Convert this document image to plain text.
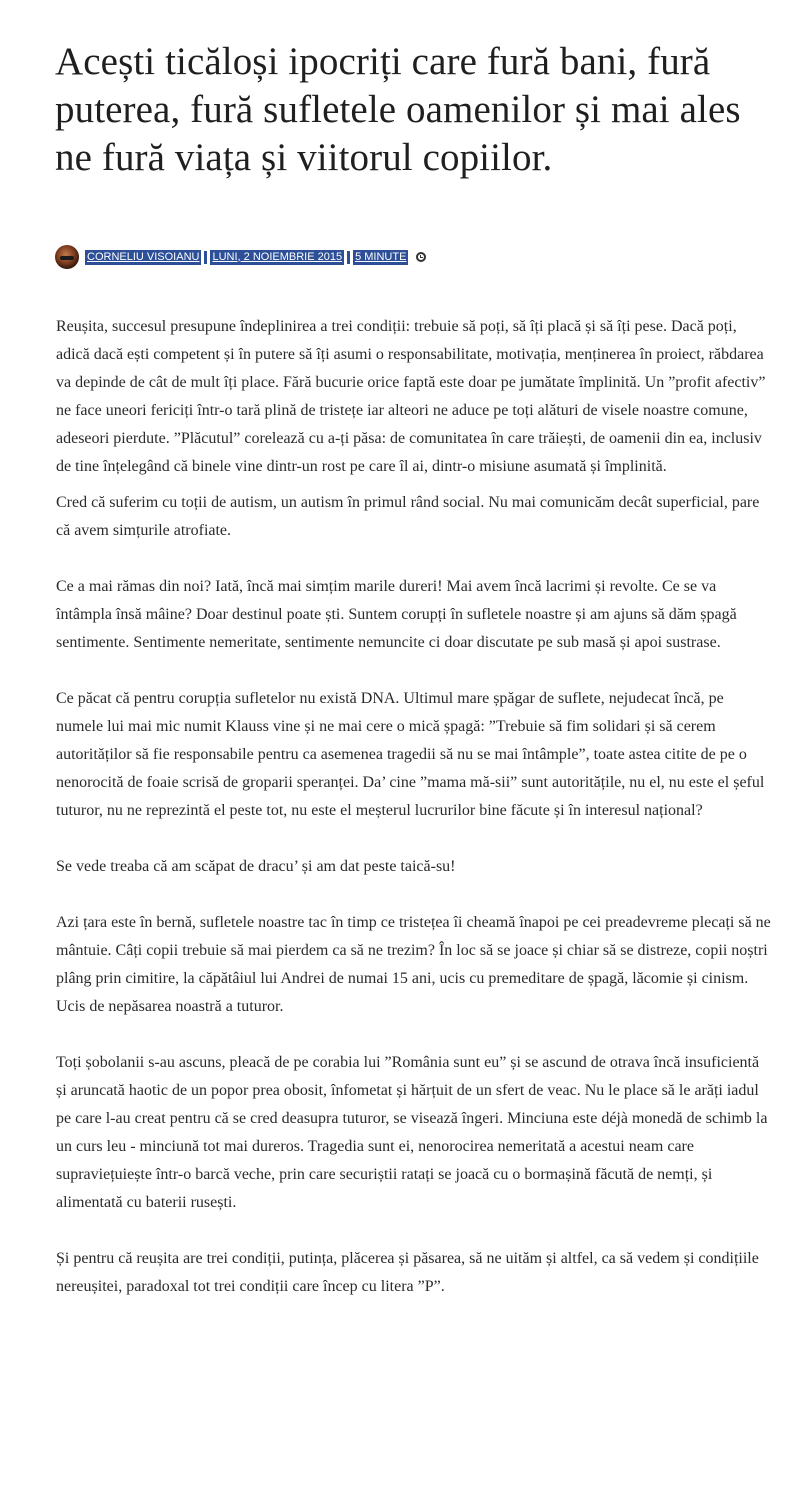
Acești ticăloși ipocriți care fură bani, fură puterea, fură sufletele oamenilor și mai ales ne fură viața și viitorul copiilor.
CORNELIU VISOIANU LUNI, 2 NOIEMBRIE 2015 5 MINUTE

Reușita, succesul presupune îndeplinirea a trei condiții: trebuie să poți, să îți placă și să îți pese. Dacă poți, adică dacă ești competent și în putere să îți asumi o responsabilitate, motivația, menținerea în proiect, răbdarea va depinde de cât de mult îți place. Fără bucurie orice faptă este doar pe jumătate împlinită. Un ”profit afectiv” ne face uneori fericiți într-o tară plină de tristețe iar alteori ne aduce pe toți alături de visele noastre comune, adeseori pierdute. ”Plăcutul” corelează cu a-ți păsa: de comunitatea în care trăiești, de oamenii din ea, inclusiv de tine înțelegând că binele vine dintr-un rost pe care îl ai, dintr-o misiune asumată și împlinită.

Cred că suferim cu toții de autism, un autism în primul rând social. Nu mai comunicăm decât superficial, pare că avem simțurile atrofiate.

Ce a mai rămas din noi? Iată, încă mai simțim marile dureri! Mai avem încă lacrimi și revolte. Ce se va întâmpla însă mâine? Doar destinul poate ști. Suntem corupți în sufletele noastre și am ajuns să dăm șpagă sentimente. Sentimente nemeritate, sentimente nemuncite ci doar discutate pe sub masă și apoi sustrase.

Ce păcat că pentru corupția sufletelor nu există DNA. Ultimul mare șpăgar de suflete, nejudecat încă, pe numele lui mai mic numit Klauss vine și ne mai cere o mică șpagă: ”Trebuie să fim solidari și să cerem autorităților să fie responsabile pentru ca asemenea tragedii să nu se mai întâmple”, toate astea citite de pe o nenorocită de foaie scrisă de groparii speranței. Da’ cine ”mama mă-sii” sunt autoritățile, nu el, nu este el șeful tuturor, nu ne reprezintă el peste tot, nu este el meșterul lucrurilor bine făcute și în interesul național?

Se vede treaba că am scăpat de dracu’ și am dat peste taică-su!

Azi țara este în bernă, sufletele noastre tac în timp ce tristețea îi cheamă înapoi pe cei preadevreme plecați să ne mântuie. Câți copii trebuie să mai pierdem ca să ne trezim? În loc să se joace și chiar să se distreze, copii noștri plâng prin cimitire, la căpătâiul lui Andrei de numai 15 ani, ucis cu premeditare de șpagă, lăcomie și cinism. Ucis de nepăsarea noastră a tuturor.

Toți șobolanii s-au ascuns, pleacă de pe corabia lui ”România sunt eu” și se ascund de otrava încă insuficientă și aruncată haotic de un popor prea obosit, înfometat și hărțuit de un sfert de veac. Nu le place să le arăți iadul pe care l-au creat pentru că se cred deasupra tuturor, se visează îngeri. Minciuna este déjà monedă de schimb la un curs leu - minciună tot mai dureros. Tragedia sunt ei, nenorocirea nemeritată a acestui neam care supraviețuiește într-o barcă veche, prin care securiștii ratați se joacă cu o bormașină făcută de nemți, și alimentată cu baterii rusești.

Și pentru că reușita are trei condiții, putința, plăcerea și păsarea, să ne uităm și altfel, ca să vedem și condițiile nereușitei, paradoxal tot trei condiții care încep cu litera ”P”.
